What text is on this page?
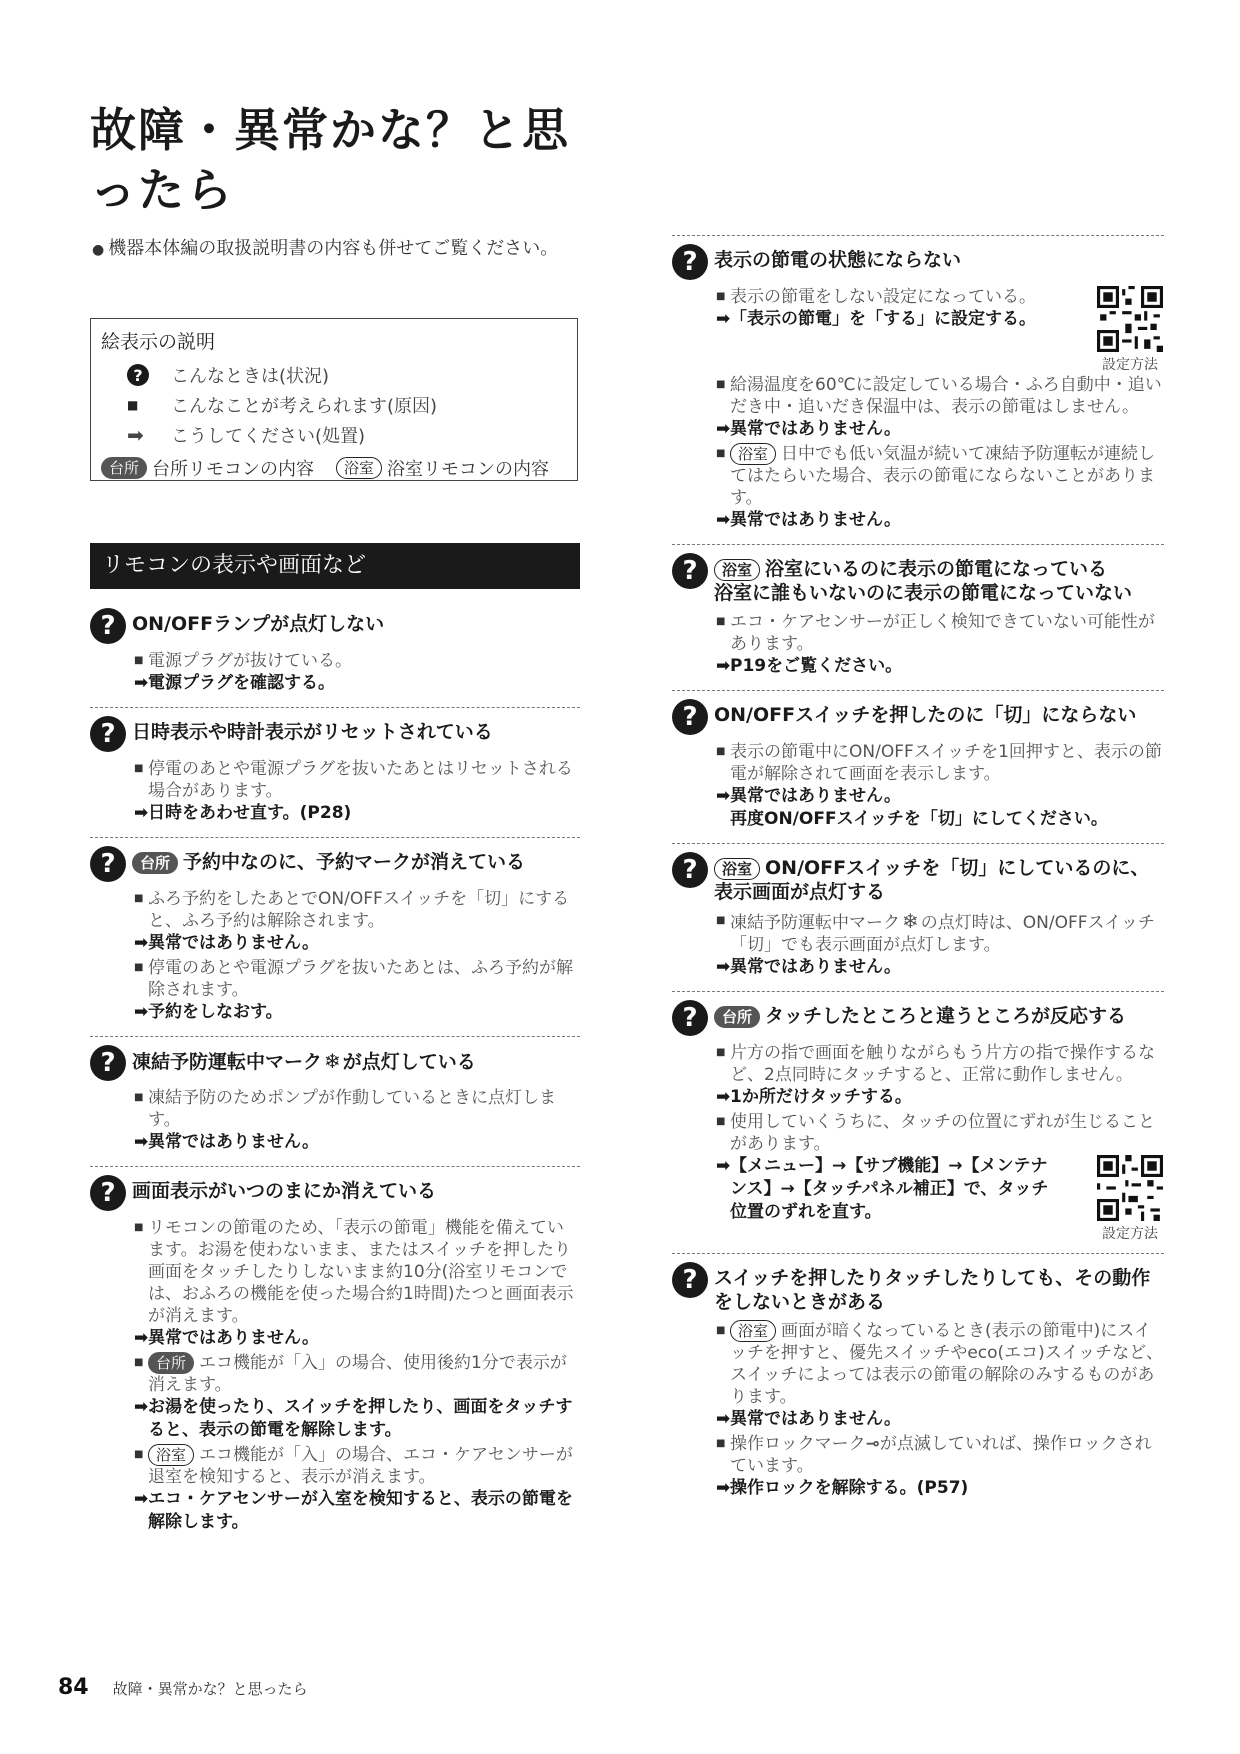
故障・異常かな？と思ったら
● 機器本体編の取扱説明書の内容も併せてご覧ください。
絵表示の説明
?	こんなときは(状況)
■ こんなことが考えられます(原因)
➡ こうしてください(処置)
台所 台所リモコンの内容	浴室 浴室リモコンの内容
リモコンの表示や画面など
? ON/OFFランプが点灯しない
■ 電源プラグが抜けている。
➡ 電源プラグを確認する。
? 日時表示や時計表示がリセットされている
■ 停電のあとや電源プラグを抜いたあとはリセットされる場合があります。
➡ 日時をあわせ直す。(P28)
?	台所 予約中なのに、予約マークが消えている
■ ふろ予約をしたあとでON/OFFスイッチを「切」にすると、ふろ予約は解除されます。
➡ 異常ではありません。
■ 停電のあとや電源プラグを抜いたあとは、ふろ予約が解除されます。
➡ 予約をしなおす。
? 凍結予防運転中マーク ❄ が点灯している
■ 凍結予防のためポンプが作動しているときに点灯します。
➡ 異常ではありません。
? 画面表示がいつのまにか消えている
■ リモコンの節電のため、「表示の節電」機能を備えています。お湯を使わないまま、またはスイッチを押したり画面をタッチしたりしないまま約10分(浴室リモコンでは、おふろの機能を使った場合約1時間)たつと画面表示が消えます。
➡ 異常ではありません。
■ 台所 エコ機能が「入」の場合、使用後約1分で表示が消えます。
➡ お湯を使ったり、スイッチを押したり、画面をタッチすると、表示の節電を解除します。
■ 浴室 エコ機能が「入」の場合、エコ・ケアセンサーが退室を検知すると、表示が消えます。
➡ エコ・ケアセンサーが入室を検知すると、表示の節電を解除します。
? 表示の節電の状態にならない
■ 表示の節電をしない設定になっている。
➡ 「表示の節電」を「する」に設定する。
設定方法
■ 給湯温度を60℃に設定している場合・ふろ自動中・追いだき中・追いだき保温中は、表示の節電はしません。
➡ 異常ではありません。
■ 浴室 日中でも低い気温が続いて凍結予防運転が連続してはたらいた場合、表示の節電にならないことがあります。
➡ 異常ではありません。
?	浴室 浴室にいるのに表示の節電になっている
浴室に誰もいないのに表示の節電になっていない
■ エコ・ケアセンサーが正しく検知できていない可能性があります。
➡ P19をご覧ください。
? ON/OFFスイッチを押したのに「切」にならない
■ 表示の節電中にON/OFFスイッチを1回押すと、表示の節電が解除されて画面を表示します。
➡ 異常ではありません。
再度ON/OFFスイッチを「切」にしてください。
?	浴室 ON/OFFスイッチを「切」にしているのに、表示画面が点灯する
■ 凍結予防運転中マーク ❄ の点灯時は、ON/OFFスイッチ「切」でも表示画面が点灯します。
➡ 異常ではありません。
?	台所 タッチしたところと違うところが反応する
■ 片方の指で画面を触りながらもう片方の指で操作するなど、2点同時にタッチすると、正常に動作しません。
➡ 1か所だけタッチする。
■ 使用していくうちに、タッチの位置にずれが生じることがあります。
➡ 【メニュー】→【サブ機能】→【メンテナンス】→【タッチパネル補正】で、タッチ位置のずれを直す。
設定方法
? スイッチを押したりタッチしたりしても、その動作をしないときがある
■ 浴室 画面が暗くなっているとき(表示の節電中)にスイッチを押すと、優先スイッチやeco(エコ)スイッチなど、スイッチによっては表示の節電の解除のみするものがあります。
➡ 異常ではありません。
■ 操作ロックマーク⊸が点滅していれば、操作ロックされています。
➡ 操作ロックを解除する。(P57)
84 故障・異常かな？と思ったら
